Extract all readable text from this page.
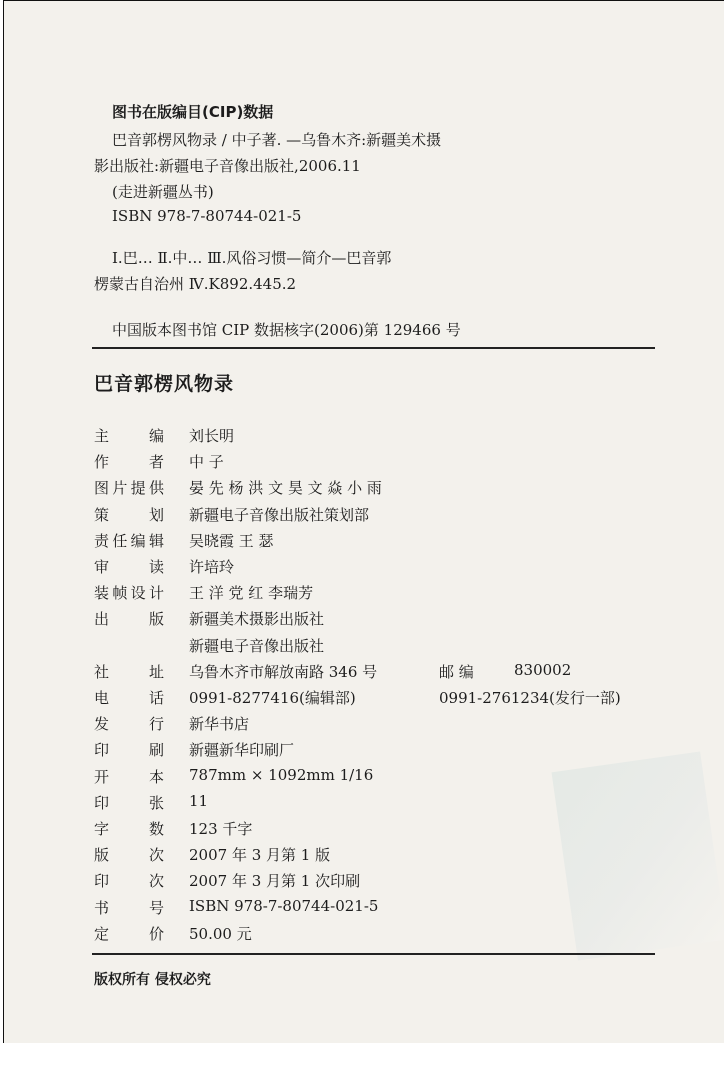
图书在版编目(CIP)数据
巴音郭楞风物录 / 中子著. —乌鲁木齐:新疆美术摄
影出版社:新疆电子音像出版社,2006.11
(走进新疆丛书)
ISBN 978-7-80744-021-5
Ⅰ.巴… Ⅱ.中… Ⅲ.风俗习惯—简介—巴音郭
楞蒙古自治州 Ⅳ.K892.445.2
中国版本图书馆 CIP 数据核字(2006)第 129466 号
巴音郭楞风物录
主	编 刘长明
作	者 中 子
图 片 提 供 晏 先 杨 洪 文 昊 文 焱 小 雨
策	划 新疆电子音像出版社策划部
责 任 编 辑 吴晓霞 王 瑟
审	读 许培玲
装 帧 设 计 王 洋 党 红 李瑞芳
出	版 新疆美术摄影出版社
新疆电子音像出版社
社	址 乌鲁木齐市解放南路 346 号	邮 编	830002
电	话 0991-8277416(编辑部)	0991-2761234(发行一部)
发	行 新华书店
印	刷 新疆新华印刷厂
开	本 787mm × 1092mm 1/16
印	张 11
字	数 123 千字
版	次 2007 年 3 月第 1 版
印	次 2007 年 3 月第 1 次印刷
书	号 ISBN 978-7-80744-021-5
定	价 50.00 元
版权所有 侵权必究
